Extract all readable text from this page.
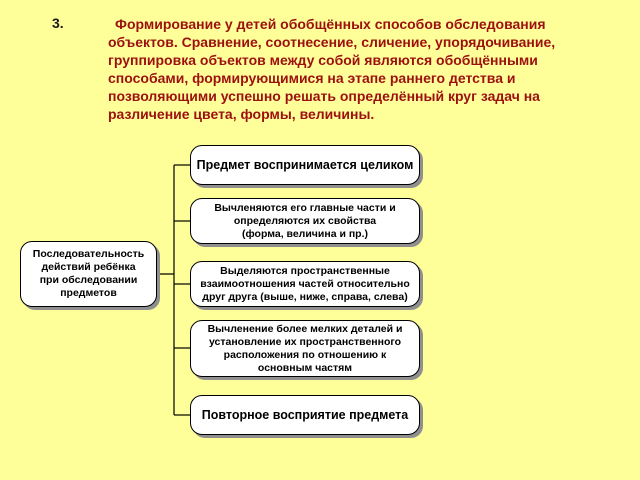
3.	Формирование у детей обобщённых способов обследования
объектов. Сравнение, соотнесение, сличение, упорядочивание,
группировка объектов между собой являются обобщёнными
способами, формирующимися на этапе раннего детства и
позволяющими успешно решать определённый круг задач на
различение цвета, формы, величины.
Последовательность
действий ребёнка
при обследовании
предметов
Предмет воспринимается целиком
Вычленяются его главные части и
определяются их свойства
(форма, величина и пр.)
Выделяются пространственные
взаимоотношения частей относительно
друг друга (выше, ниже, справа, слева)
Вычленение более мелких деталей и
установление их пространственного
расположения по отношению к
основным частям
Повторное восприятие предмета
